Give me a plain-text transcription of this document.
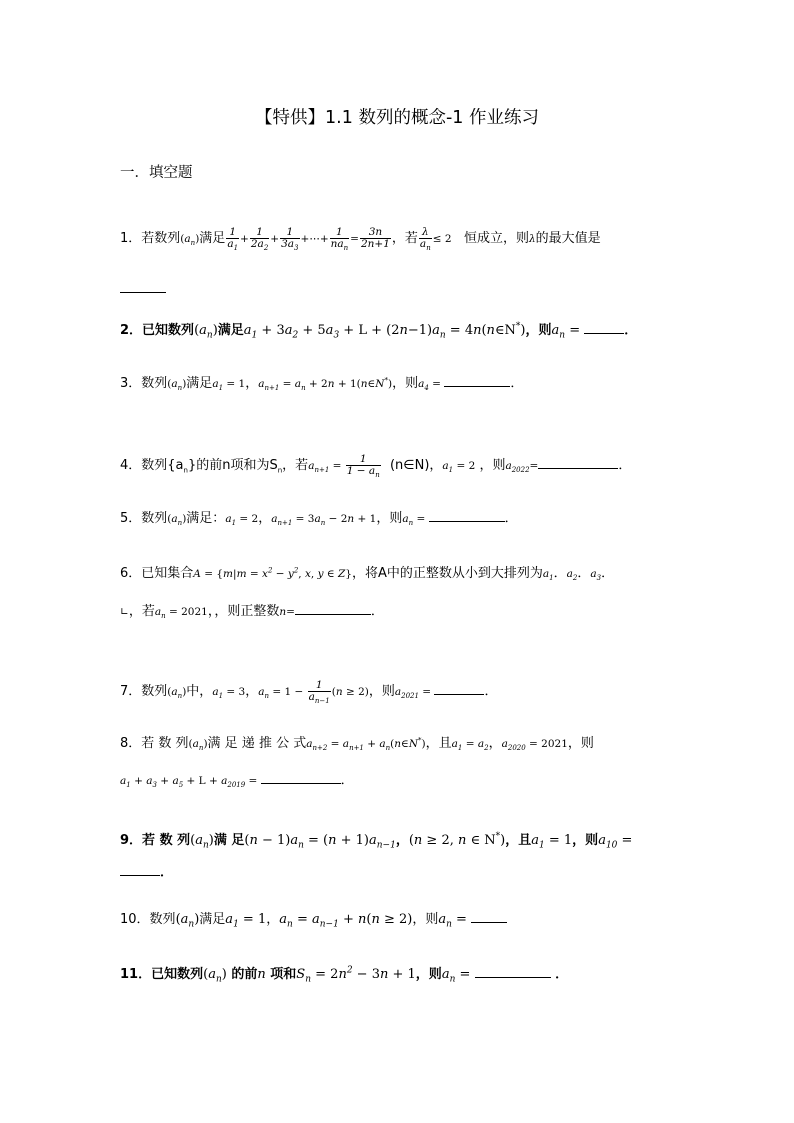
【特供】1.1 数列的概念-1 作业练习
一．填空题
1．若数列$(a_n)$满足 $\frac{1}{a_1} + \frac{1}{2a_2} + \frac{1}{3a_3}$ +⋯+ $\frac{1}{na_n} = \frac{3n}{2n+1}$ ，若 $\frac{\lambda}{a_n} \le 2$ 恒成立，则λ的最大值是
2．已知数列$(a_n)$满足$a_1 + 3a_2 + 5a_3 + L + (2n-1)a_n$ = 4n(n∈N*)，则$a_n$ =	．
3．数列$(a_n)$满足$a_1 = 1$，$a_{n+1} = a_n + 2n$ + 1(n∈N*)，则$a_4$ =	．
4．数列$\{a_n\}$的前n项和为$S_n$，若$a_{n+1} = \frac{1}{1 - a_n}$ (n∈N)，$a_1 = 2$ ，则$a_{2022}=$	．
5．数列$(a_n)$满足：$a_1 = 2$，$a_{n+1} = 3a_n - 2n + 1$，则$a_n$ =	．
6．已知集合$A = \{m|m = x^2 - y^2$, x, y ∈ Z}，将A中的正整数从小到大排列为$a_1$．$a_2$．$a_3$．
∟，若$a_n = 2021$，，则正整数n=	．
7．数列$(a_n)$中，$a_1 = 3$，$a_n = 1 - \frac{1}{a_{n-1}} (n \ge 2)$，则$a_{2021}$ =	．
8．若 数 列$(a_n)$满 足 递 推 公 式$a_{n+2} = a_{n+1}$ + $a_n(n\in N^*)$，且$a_1 = a_2$，$a_{2020} = 2021$，则
$a_1 + a_3 + a_5 + L + a_{2019}$ =	．
9．若 数 列$(a_n)$满 足$(n - 1)a_n = (n + 1)a_{n-1}$，(n ≥ 2, n ∈ N*)，且$a_1 = 1$，则$a_{10}$ =
．
10．数列$(a_n)$满足$a_1 = 1$，$a_n = a_{n-1} + n(n \ge 2)$，则$a_n$ =
11．已知数列$(a_n)$ 的前n 项和$S_n = 2n^2 - 3n + 1$，则$a_n$ =	．
